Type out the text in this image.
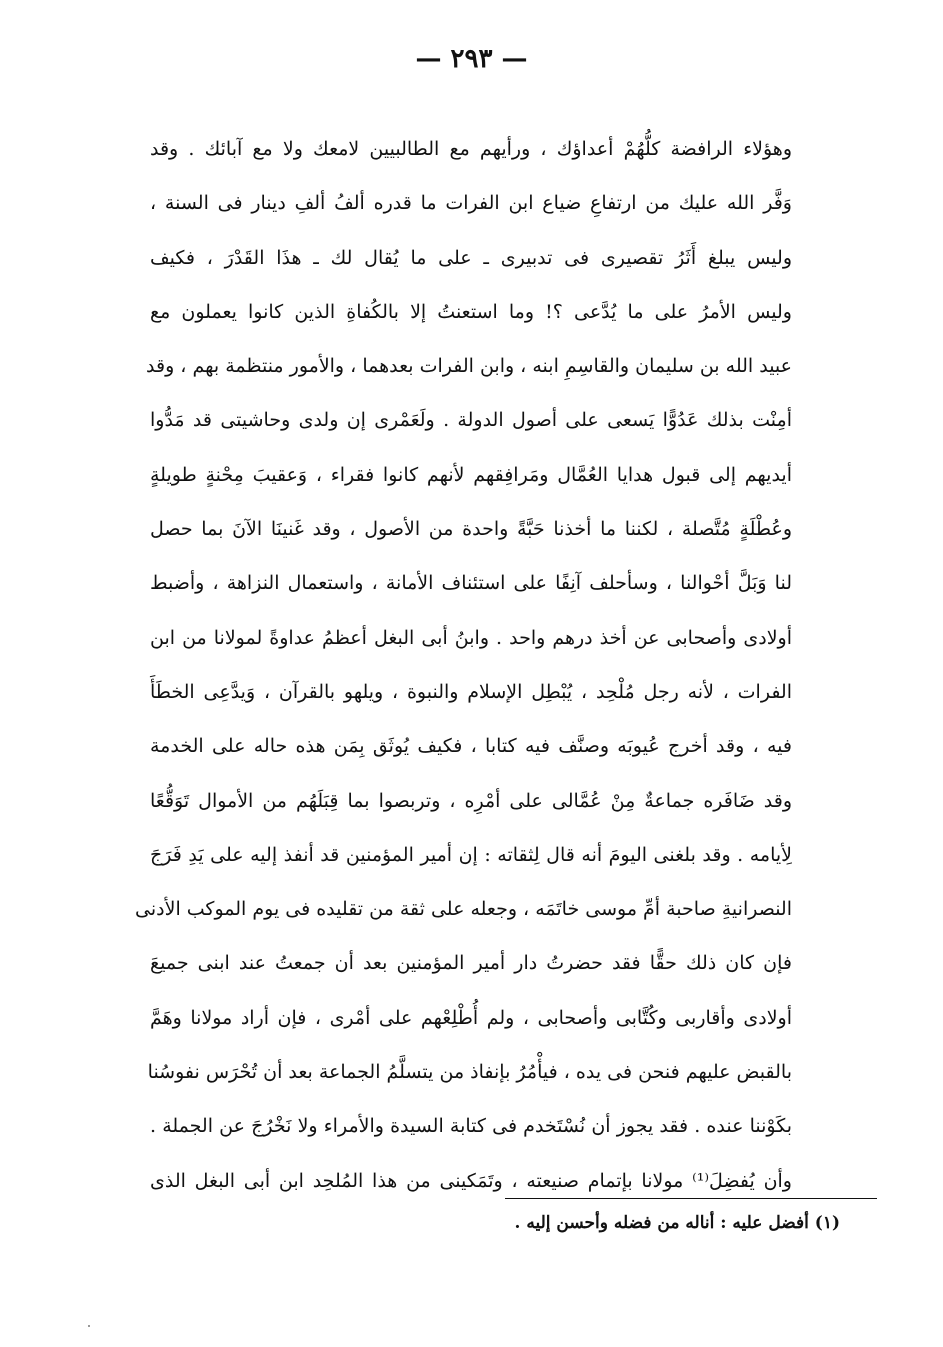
— ٢٩٣ —
وهؤلاء الرافضة كلُّهُمْ أعداؤك ، ورأيهم مع الطالبيين لامعك ولا مع آبائك . وقد
وَفَّر الله عليك من ارتفاعِ ضياع ابن الفرات ما قدره ألفُ ألفِ دينار فى السنة ،
وليس يبلغ أَثَرُ تقصيرى فى تدبيرى ـ على ما يُقال لك ـ هذَا القَدْرَ ، فكيف
وليس الأمرُ على ما يُدَّعى ؟! وما استعنتُ إلا بالكُفاةِ الذين كانوا يعملون مع
عبيد الله بن سليمان والقاسِمِ ابنه ، وابن الفرات بعدهما ، والأمور منتظمة بهم ، وقد
أمِنْت بذلك عَدُوًّا يَسعى على أصول الدولة . ولَعَمْرى إن ولدى وحاشيتى قد مَدُّوا
أيديهم إلى قبول هدايا العُمَّال ومَرافِقهم لأنهم كانوا فقراء ، وَعقيبَ مِحْنةٍ طويلةٍ
وعُطْلَةٍ مُتَّصلة ، لكننا ما أخذنا حَبَّةً واحدة من الأصول ، وقد غَنينَا الآنَ بما حصل
لنا وَبَلَّ أحْوالنا ، وسأحلف آنِفًا على استئناف الأمانة ، واستعمال النزاهة ، وأضبط
أولادى وأصحابى عن أخذ درهم واحد . وابنُ أبى البغل أعظمُ عداوةً لمولانا من ابن
الفرات ، لأنه رجل مُلْحِد ، يُبْطِل الإسلام والنبوة ، ويلهو بالقرآن ، وَيدَّعِى الخطَأَ
فيه ، وقد أخرج عُيوبَه وصنَّف فيه كتابا ، فكيف يُوثَق بِمَن هذه حاله على الخدمة
وقد ضَافَره جماعةٌ مِنْ عُمَّالى على أمْرِه ، وتربصوا بما قِبَلَهُم من الأموال تَوَقُّعًا
لِأيامه . وقد بلغنى اليومَ أنه قال لِثقاته : إن أمير المؤمنين قد أنفذ إليه على يَدِ فَرَجَ
النصرانيةِ صاحبة أمِّ موسى خاتَمَه ، وجعله على ثقة من تقليده فى يوم الموكب الأدنى
فإن كان ذلك حقًّا فقد حضرتُ دار أمير المؤمنين بعد أن جمعتُ عند ابنى جميعَ
أولادى وأقاربى وكُتَّابى وأصحابى ، ولم أُطْلِعْهم على أمْرى ، فإن أراد مولانا وهَمَّ
بالقبض عليهم فنحن فى يده ، فيأْمُرُ بإنفاذ من يتسلَّمُ الجماعة بعد أن تُحْرَس نفوسُنا
بكَوْننا عنده . فقد يجوز أن نُسْتَخدم فى كتابة السيدة والأمراء ولا نَخْرُجَ عن الجملة .
وأن يُفضِلَ⁽¹⁾ مولانا بإتمام صنيعته ، وتَمَكينى من هذا المُلحِد ابن أبى البغل الذى
(١) أفضل عليه : أناله من فضله وأحسن إليه .
